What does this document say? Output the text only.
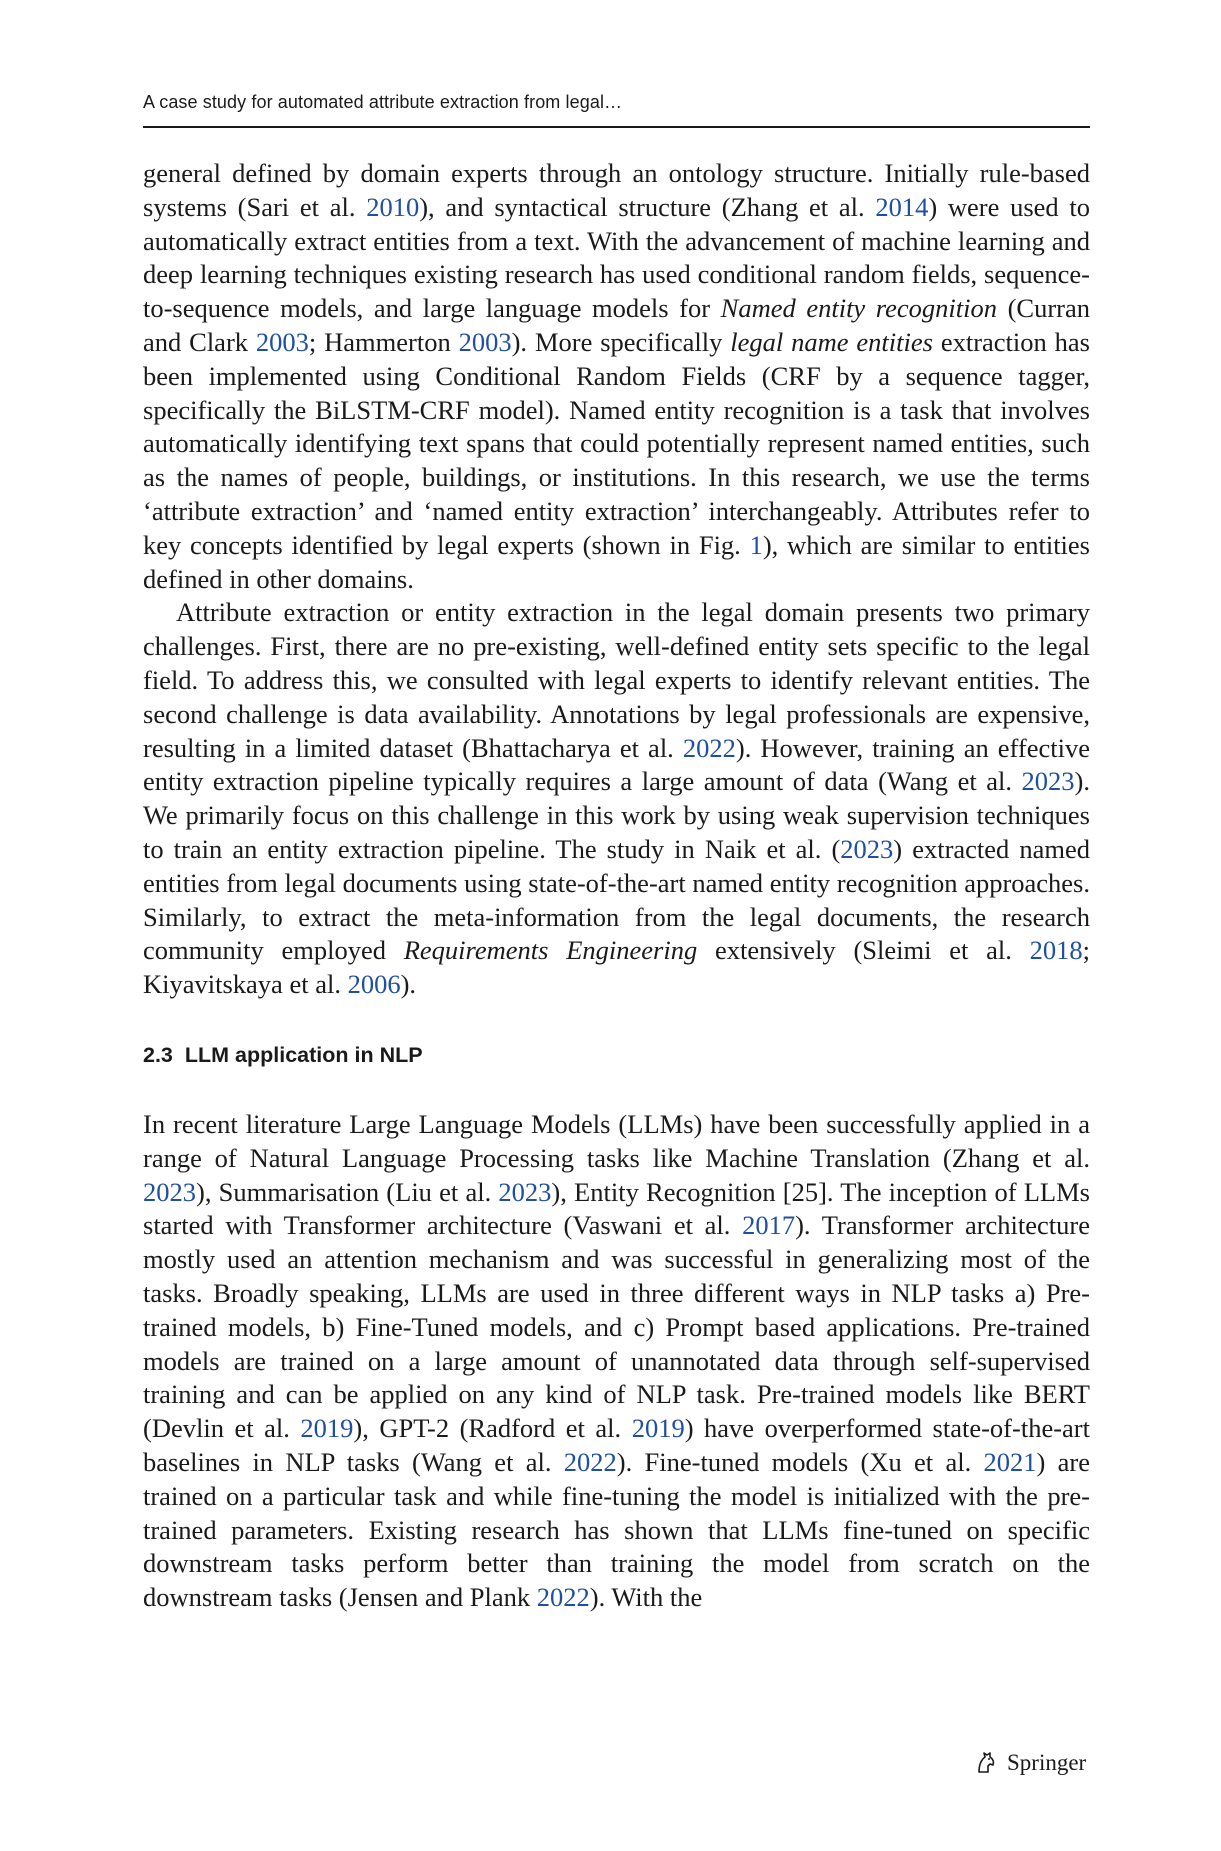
A case study for automated attribute extraction from legal…

general defined by domain experts through an ontology structure. Initially rule-based systems (Sari et al. 2010), and syntactical structure (Zhang et al. 2014) were used to automatically extract entities from a text. With the advancement of machine learning and deep learning techniques existing research has used conditional random fields, sequence-to-sequence models, and large language models for Named entity recognition (Curran and Clark 2003; Hammerton 2003). More specifically legal name entities extraction has been implemented using Conditional Random Fields (CRF by a sequence tagger, specifically the BiLSTM-CRF model). Named entity recognition is a task that involves automatically identifying text spans that could potentially represent named entities, such as the names of people, buildings, or institutions. In this research, we use the terms ‘attribute extraction’ and ‘named entity extraction’ interchangeably. Attributes refer to key concepts identified by legal experts (shown in Fig. 1), which are similar to entities defined in other domains.

Attribute extraction or entity extraction in the legal domain presents two primary challenges. First, there are no pre-existing, well-defined entity sets specific to the legal field. To address this, we consulted with legal experts to identify relevant entities. The second challenge is data availability. Annotations by legal professionals are expensive, resulting in a limited dataset (Bhattacharya et al. 2022). However, training an effective entity extraction pipeline typically requires a large amount of data (Wang et al. 2023). We primarily focus on this challenge in this work by using weak supervision techniques to train an entity extraction pipeline. The study in Naik et al. (2023) extracted named entities from legal documents using state-of-the-art named entity recognition approaches. Similarly, to extract the meta-information from the legal documents, the research community employed Requirements Engineering extensively (Sleimi et al. 2018; Kiyavitskaya et al. 2006).

2.3 LLM application in NLP

In recent literature Large Language Models (LLMs) have been successfully applied in a range of Natural Language Processing tasks like Machine Translation (Zhang et al. 2023), Summarisation (Liu et al. 2023), Entity Recognition [25]. The inception of LLMs started with Transformer architecture (Vaswani et al. 2017). Transformer architecture mostly used an attention mechanism and was successful in generalizing most of the tasks. Broadly speaking, LLMs are used in three different ways in NLP tasks a) Pre-trained models, b) Fine-Tuned models, and c) Prompt based applications. Pre-trained models are trained on a large amount of unannotated data through self-supervised training and can be applied on any kind of NLP task. Pre-trained models like BERT (Devlin et al. 2019), GPT-2 (Radford et al. 2019) have overperformed state-of-the-art baselines in NLP tasks (Wang et al. 2022). Fine-tuned models (Xu et al. 2021) are trained on a particular task and while fine-tuning the model is initialized with the pre-trained parameters. Existing research has shown that LLMs fine-tuned on specific downstream tasks perform better than training the model from scratch on the downstream tasks (Jensen and Plank 2022). With the

Springer
